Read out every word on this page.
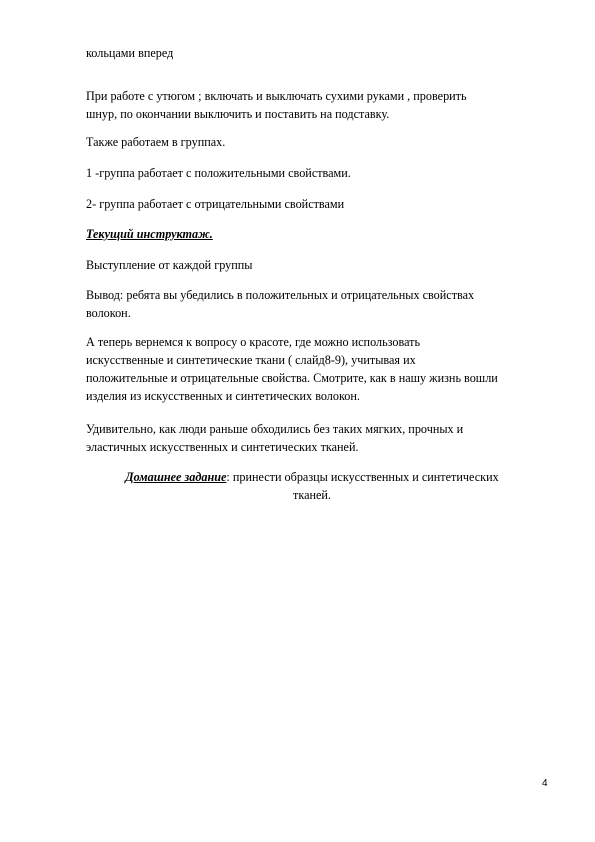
кольцами вперед

При работе с утюгом ; включать и выключать сухими руками , проверить
шнур, по окончании выключить и поставить на подставку.

Также работаем в группах.

1 -группа работает с положительными свойствами.

2- группа работает с отрицательными свойствами

Текущий инструктаж.

Выступление от каждой группы

Вывод: ребята вы убедились в положительных и отрицательных свойствах
волокон.

А теперь вернемся к вопросу о красоте, где можно использовать
искусственные и синтетические ткани ( слайд8-9), учитывая их
положительные и отрицательные свойства. Смотрите, как в нашу жизнь вошли
изделия из искусственных и синтетических волокон.

Удивительно, как люди раньше обходились без таких мягких, прочных и
эластичных искусственных и синтетических тканей.

Домашнее задание: принести образцы искусственных и синтетических
тканей.

4
